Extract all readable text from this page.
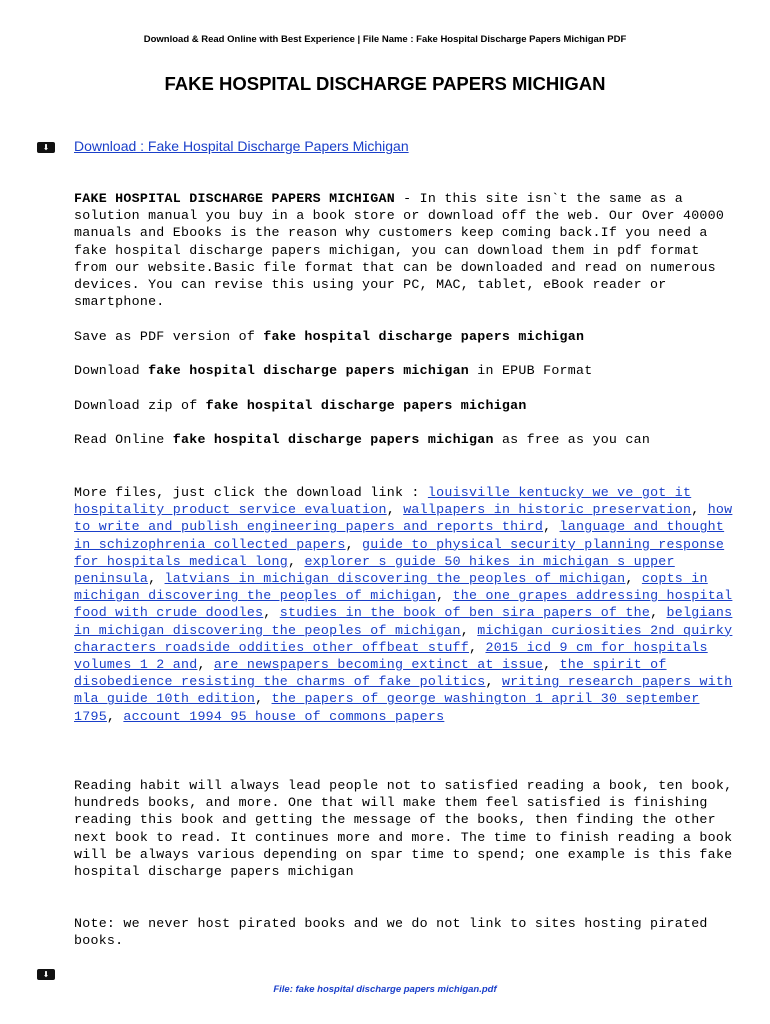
Download & Read Online with Best Experience | File Name : Fake Hospital Discharge Papers Michigan PDF
FAKE HOSPITAL DISCHARGE PAPERS MICHIGAN
⬇	Download : Fake Hospital Discharge Papers Michigan
FAKE HOSPITAL DISCHARGE PAPERS MICHIGAN - In this site isn`t the same as a solution manual you buy in a book store or download off the web. Our Over 40000 manuals and Ebooks is the reason why customers keep coming back.If you need a fake hospital discharge papers michigan, you can download them in pdf format from our website.Basic file format that can be downloaded and read on numerous devices. You can revise this using your PC, MAC, tablet, eBook reader or smartphone.
Save as PDF version of fake hospital discharge papers michigan
Download fake hospital discharge papers michigan in EPUB Format
Download zip of fake hospital discharge papers michigan
Read Online fake hospital discharge papers michigan as free as you can
More files, just click the download link : louisville kentucky we ve got it hospitality product service evaluation, wallpapers in historic preservation, how to write and publish engineering papers and reports third, language and thought in schizophrenia collected papers, guide to physical security planning response for hospitals medical long, explorer s guide 50 hikes in michigan s upper peninsula, latvians in michigan discovering the peoples of michigan, copts in michigan discovering the peoples of michigan, the one grapes addressing hospital food with crude doodles, studies in the book of ben sira papers of the, belgians in michigan discovering the peoples of michigan, michigan curiosities 2nd quirky characters roadside oddities other offbeat stuff, 2015 icd 9 cm for hospitals volumes 1 2 and, are newspapers becoming extinct at issue, the spirit of disobedience resisting the charms of fake politics, writing research papers with mla guide 10th edition, the papers of george washington 1 april 30 september 1795, account 1994 95 house of commons papers
Reading habit will always lead people not to satisfied reading a book, ten book, hundreds books, and more. One that will make them feel satisfied is finishing reading this book and getting the message of the books, then finding the other next book to read. It continues more and more. The time to finish reading a book will be always various depending on spar time to spend; one example is this fake hospital discharge papers michigan
Note: we never host pirated books and we do not link to sites hosting pirated books.
⬇
File: fake hospital discharge papers michigan.pdf
